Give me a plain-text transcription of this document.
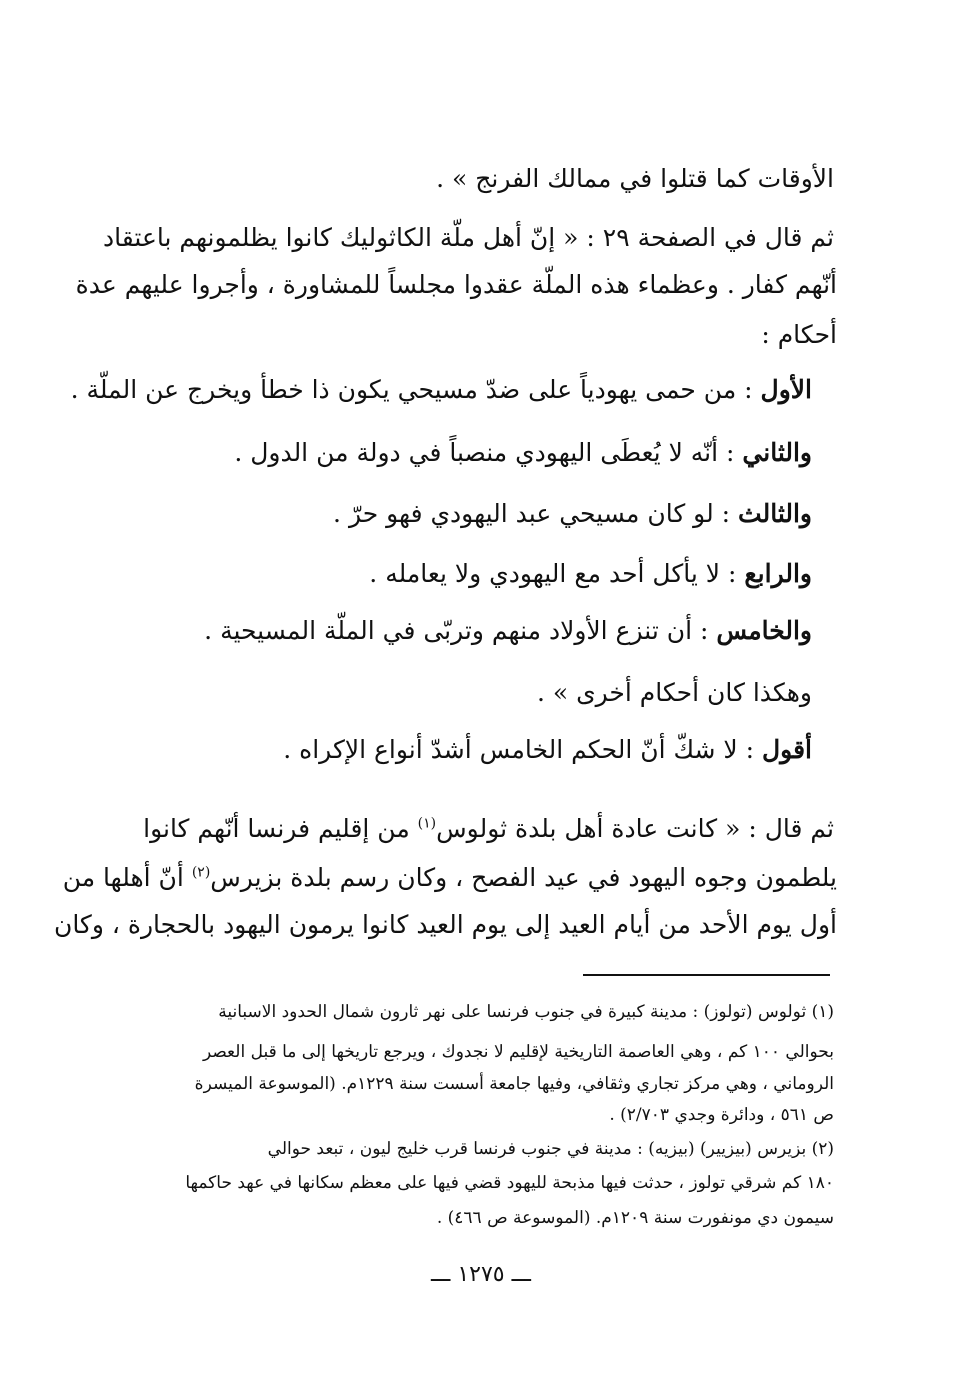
الأوقات كما قتلوا في ممالك الفرنج » .
ثم قال في الصفحة ٢٩ : « إنّ أهل ملّة الكاثوليك كانوا يظلمونهم باعتقاد
أنّهم كفار . وعظماء هذه الملّة عقدوا مجلساً للمشاورة ، وأجروا عليهم عدة
أحكام :
الأول : من حمى يهودياً على ضدّ مسيحي يكون ذا خطأ ويخرج عن الملّة .
والثاني : أنّه لا يُعطَى اليهودي منصباً في دولة من الدول .
والثالث : لو كان مسيحي عبد اليهودي فهو حرّ .
والرابع : لا يأكل أحد مع اليهودي ولا يعامله .
والخامس : أن تنزع الأولاد منهم وتربّى في الملّة المسيحية .
وهكذا كان أحكام أخرى » .
أقول : لا شكّ أنّ الحكم الخامس أشدّ أنواع الإكراه .
ثم قال : « كانت عادة أهل بلدة ثولوس$^{(١)}$ من إقليم فرنسا أنّهم كانوا
يلطمون وجوه اليهود في عيد الفصح ، وكان رسم بلدة بزيرس$^{(٢)}$ أنّ أهلها من
أول يوم الأحد من أيام العيد إلى يوم العيد كانوا يرمون اليهود بالحجارة ، وكان
(١) ثولوس (تولوز) : مدينة كبيرة في جنوب فرنسا على نهر ثارون شمال الحدود الاسبانية
بحوالي ١٠٠ كم ، وهي العاصمة التاريخية لإقليم لا نجدوك ، ويرجع تاريخها إلى ما قبل العصر
الروماني ، وهي مركز تجاري وثقافي، وفيها جامعة أسست سنة ١٢٢٩م. (الموسوعة الميسرة
ص ٥٦١ ، ودائرة وجدي ٢/٧٠٣) .
(٢) بزيرس (بيزيير) (بيزيه) : مدينة في جنوب فرنسا قرب خليج ليون ، تبعد حوالي
١٨٠ كم شرقي تولوز ، حدثت فيها مذبحة لليهود قضي فيها على معظم سكانها في عهد حاكمها
سيمون دي مونفورت سنة ١٢٠٩م. (الموسوعة ص ٤٦٦) .
ـــ ١٢٧٥ ـــ
